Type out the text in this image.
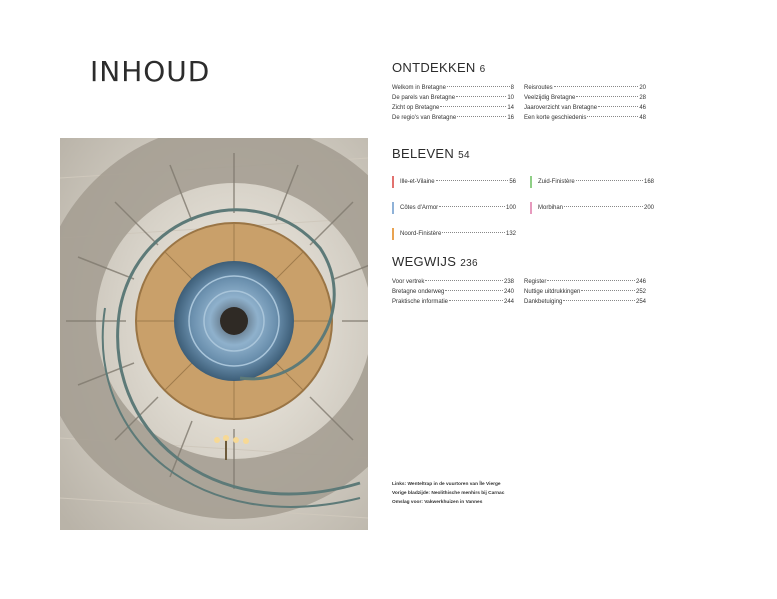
INHOUD	ONTDEKKEN 6
Welkom in Bretagne	8 Reisroutes	20
De parels van Bretagne	10 Veelzijdig Bretagne	28
Zicht op Bretagne	14 Jaaroverzicht van Bretagne	46
De regio's van Bretagne	16 Een korte geschiedenis	48
BELEVEN 54
Ille-et-Vilaine	56	Zuid-Finistère	168
Côtes d'Armor	100	Morbihan	200
Noord-Finistère	132
WEGWIJS 236
Voor vertrek	238 Register	246
Bretagne onderweg	240 Nuttige uitdrukkingen	252
Praktische informatie	244 Dankbetuiging	254
Links: Wenteltrap in de vuurtoren van Île Vierge
Vorige bladzijde: Neolithische menhirs bij Carnac
Omslag voor: Vakwerkhuizen in Vannes
